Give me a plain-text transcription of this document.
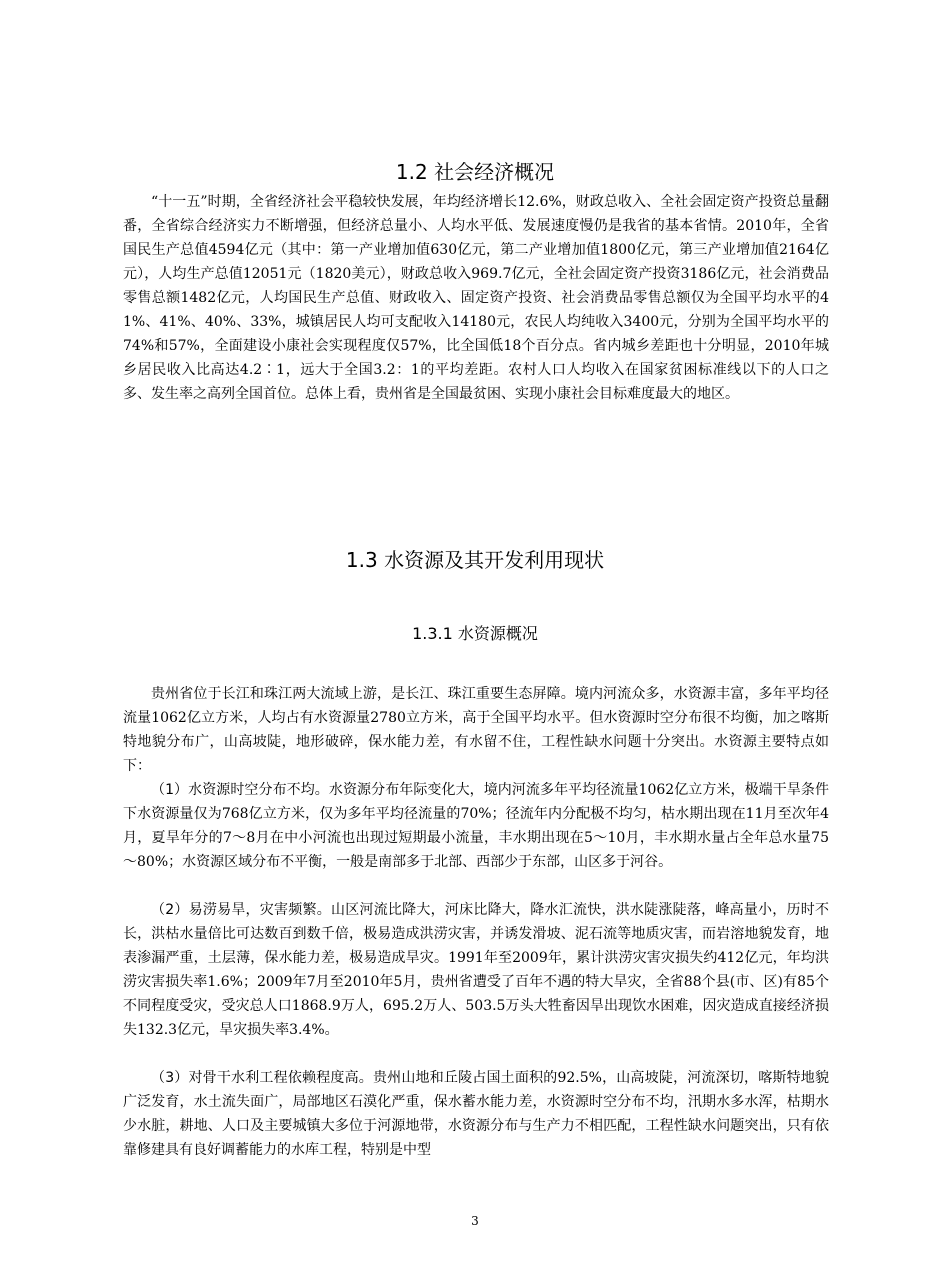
1.2 社会经济概况

“十一五”时期，全省经济社会平稳较快发展，年均经济增长12.6%，财政总收入、全社会固定资产投资总量翻番，全省综合经济实力不断增强，但经济总量小、人均水平低、发展速度慢仍是我省的基本省情。2010年，全省国民生产总值4594亿元（其中：第一产业增加值630亿元，第二产业增加值1800亿元，第三产业增加值2164亿元），人均生产总值12051元（1820美元），财政总收入969.7亿元，全社会固定资产投资3186亿元，社会消费品零售总额1482亿元，人均国民生产总值、财政收入、固定资产投资、社会消费品零售总额仅为全国平均水平的41%、41%、40%、33%，城镇居民人均可支配收入14180元，农民人均纯收入3400元，分别为全国平均水平的74%和57%，全面建设小康社会实现程度仅57%，比全国低18个百分点。省内城乡差距也十分明显，2010年城乡居民收入比高达4.2∶1，远大于全国3.2：1的平均差距。农村人口人均收入在国家贫困标准线以下的人口之多、发生率之高列全国首位。总体上看，贵州省是全国最贫困、实现小康社会目标难度最大的地区。

1.3 水资源及其开发利用现状
1.3.1 水资源概况

贵州省位于长江和珠江两大流域上游，是长江、珠江重要生态屏障。境内河流众多，水资源丰富，多年平均径流量1062亿立方米，人均占有水资源量2780立方米，高于全国平均水平。但水资源时空分布很不均衡，加之喀斯特地貌分布广，山高坡陡，地形破碎，保水能力差，有水留不住，工程性缺水问题十分突出。水资源主要特点如下：

（1）水资源时空分布不均。水资源分布年际变化大，境内河流多年平均径流量1062亿立方米，极端干旱条件下水资源量仅为768亿立方米，仅为多年平均径流量的70%；径流年内分配极不均匀，枯水期出现在11月至次年4月，夏旱年分的7～8月在中小河流也出现过短期最小流量，丰水期出现在5～10月，丰水期水量占全年总水量75～80%；水资源区域分布不平衡，一般是南部多于北部、西部少于东部，山区多于河谷。

（2）易涝易旱，灾害频繁。山区河流比降大，河床比降大，降水汇流快，洪水陡涨陡落，峰高量小，历时不长，洪枯水量倍比可达数百到数千倍，极易造成洪涝灾害，并诱发滑坡、泥石流等地质灾害，而岩溶地貌发育，地表渗漏严重，土层薄，保水能力差，极易造成旱灾。1991年至2009年，累计洪涝灾害灾损失约412亿元，年均洪涝灾害损失率1.6%；2009年7月至2010年5月，贵州省遭受了百年不遇的特大旱灾，全省88个县(市、区)有85个不同程度受灾，受灾总人口1868.9万人，695.2万人、503.5万头大牲畜因旱出现饮水困难，因灾造成直接经济损失132.3亿元，旱灾损失率3.4%。

（3）对骨干水利工程依赖程度高。贵州山地和丘陵占国土面积的92.5%，山高坡陡，河流深切，喀斯特地貌广泛发育，水土流失面广，局部地区石漠化严重，保水蓄水能力差，水资源时空分布不均，汛期水多水浑，枯期水少水脏，耕地、人口及主要城镇大多位于河源地带，水资源分布与生产力不相匹配，工程性缺水问题突出，只有依靠修建具有良好调蓄能力的水库工程，特别是中型

3
